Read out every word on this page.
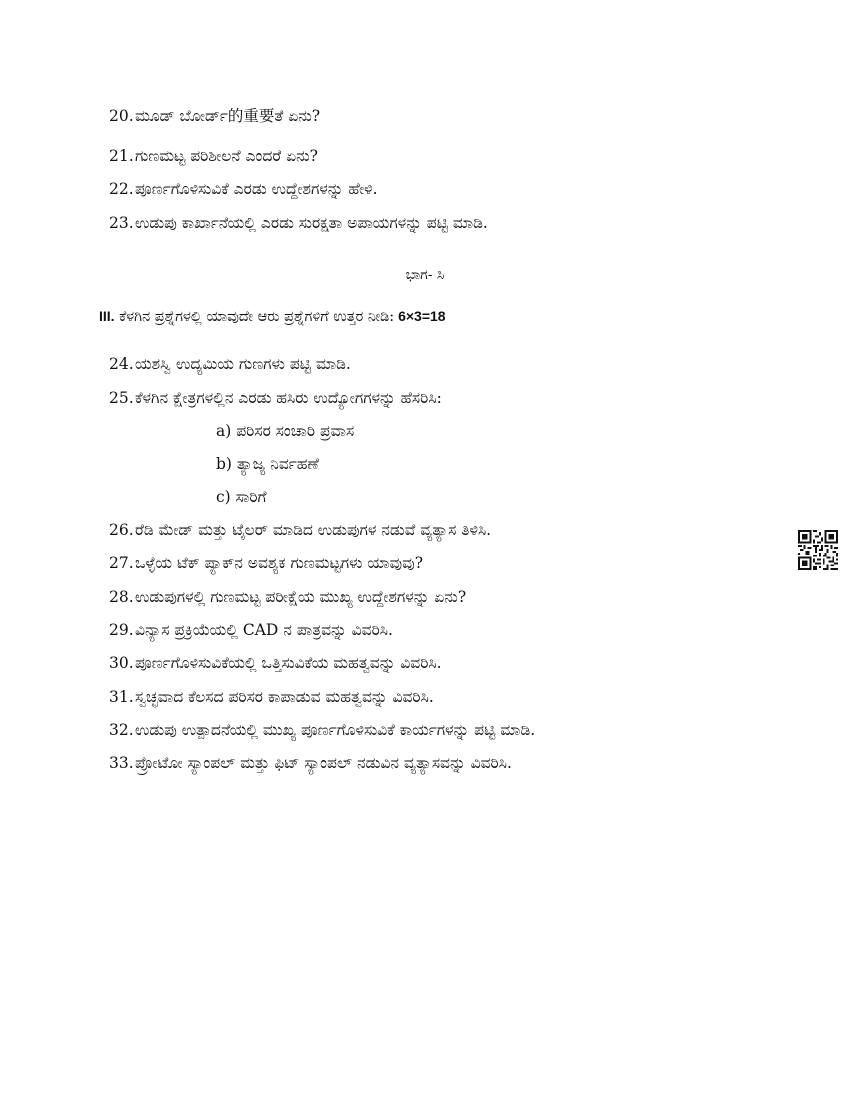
20.ಮೂಡ್ ಬೋರ್ಡ್的重要ತೆ ಏನು?
21.ಗುಣಮಟ್ಟ ಪರಿಶೀಲನೆ ಎಂದರೆ ಏನು?
22.ಪೂರ್ಣಗೊಳಿಸುವಿಕೆ ಎರಡು ಉದ್ದೇಶಗಳನ್ನು ಹೇಳಿ.
23.ಉಡುಪು ಕಾರ್ಖಾನೆಯಲ್ಲಿ ಎರಡು ಸುರಕ್ಷತಾ ಅಪಾಯಗಳನ್ನು ಪಟ್ಟಿ ಮಾಡಿ.
ಭಾಗ- ಸಿ
III. ಕೆಳಗಿನ ಪ್ರಶ್ನೆಗಳಲ್ಲಿ ಯಾವುದೇ ಆರು ಪ್ರಶ್ನೆಗಳಿಗೆ ಉತ್ತರ ನೀಡಿ: 6×3=18
24.ಯಶಸ್ವಿ ಉದ್ಯಮಿಯ ಗುಣಗಳು ಪಟ್ಟಿ ಮಾಡಿ.
25.ಕೆಳಗಿನ ಕ್ಷೇತ್ರಗಳಲ್ಲಿನ ಎರಡು ಹಸಿರು ಉದ್ಯೋಗಗಳನ್ನು ಹೆಸರಿಸಿ:
a) ಪರಿಸರ ಸಂಚಾರಿ ಪ್ರವಾಸ
b) ತ್ಯಾಜ್ಯ ನಿರ್ವಹಣೆ
c) ಸಾರಿಗೆ
26.ರೆಡಿ ಮೇಡ್ ಮತ್ತು ಟೈಲರ್ ಮಾಡಿದ ಉಡುಪುಗಳ ನಡುವೆ ವ್ಯತ್ಯಾಸ ತಿಳಿಸಿ.
27.ಒಳ್ಳೆಯ ಟೆಕ್ ಪ್ಯಾಕ್‌ನ ಅವಶ್ಯಕ ಗುಣಮಟ್ಟಗಳು ಯಾವುವು?
28.ಉಡುಪುಗಳಲ್ಲಿ ಗುಣಮಟ್ಟ ಪರೀಕ್ಷೆಯ ಮುಖ್ಯ ಉದ್ದೇಶಗಳನ್ನು ಏನು?
29.ವಿನ್ಯಾಸ ಪ್ರಕ್ರಿಯೆಯಲ್ಲಿ CAD ನ ಪಾತ್ರವನ್ನು ವಿವರಿಸಿ.
30.ಪೂರ್ಣಗೊಳಿಸುವಿಕೆಯಲ್ಲಿ ಒತ್ತಿಸುವಿಕೆಯ ಮಹತ್ವವನ್ನು ವಿವರಿಸಿ.
31.ಸ್ವಚ್ಛವಾದ ಕೆಲಸದ ಪರಿಸರ ಕಾಪಾಡುವ ಮಹತ್ವವನ್ನು ವಿವರಿಸಿ.
32.ಉಡುಪು ಉತ್ಪಾದನೆಯಲ್ಲಿ ಮುಖ್ಯ ಪೂರ್ಣಗೊಳಿಸುವಿಕೆ ಕಾರ್ಯಗಳನ್ನು ಪಟ್ಟಿ ಮಾಡಿ.
33.ಪ್ರೋಟೋ ಸ್ಯಾಂಪಲ್ ಮತ್ತು ಫಿಟ್ ಸ್ಯಾಂಪಲ್ ನಡುವಿನ ವ್ಯತ್ಯಾಸವನ್ನು ವಿವರಿಸಿ.
